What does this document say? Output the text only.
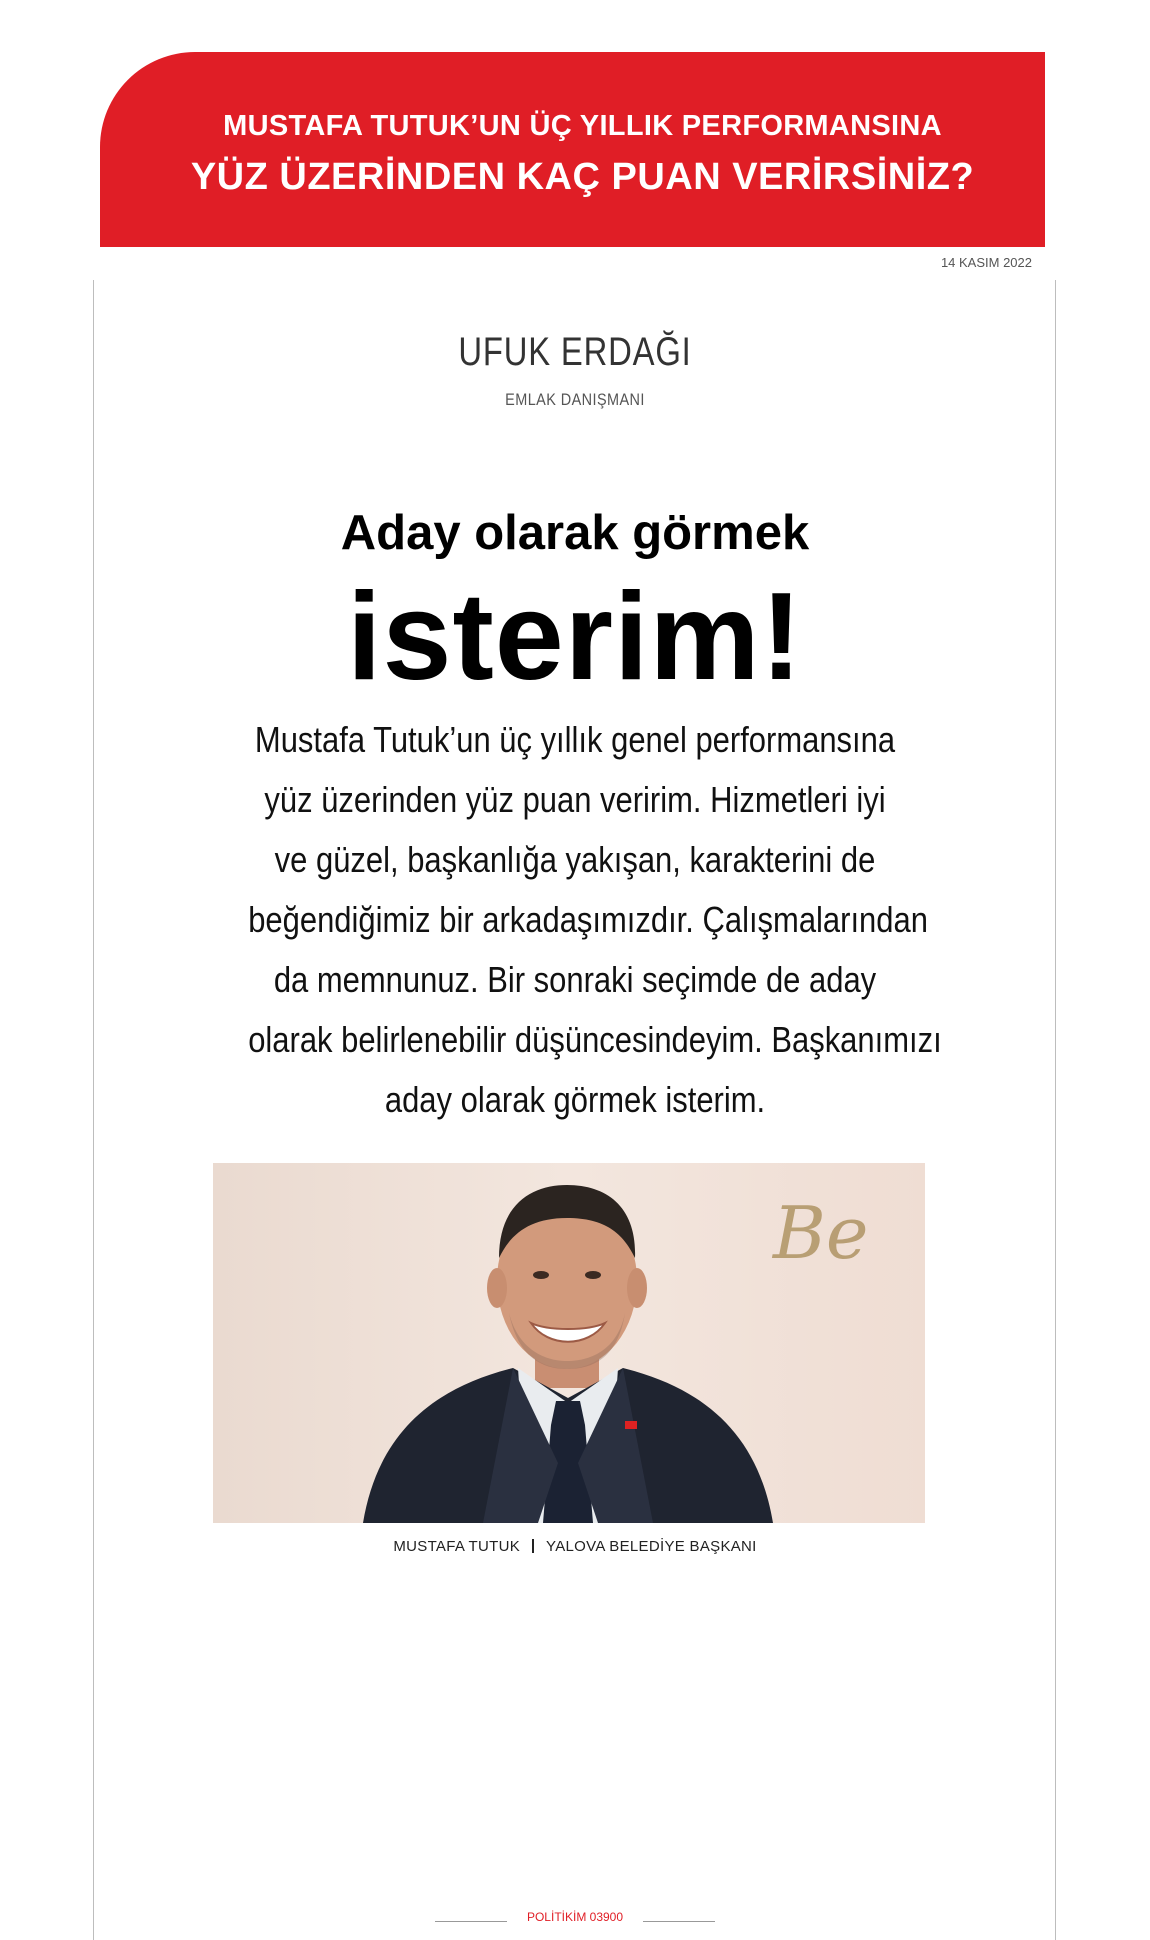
MUSTAFA TUTUK’UN ÜÇ YILLIK PERFORMANSINA
YÜZ ÜZERİNDEN KAÇ PUAN VERİRSİNİZ?
14 KASIM 2022
UFUK ERDAĞI
EMLAK DANIŞMANI
Aday olarak görmek
isterim!
Mustafa Tutuk’un üç yıllık genel performansına
yüz üzerinden yüz puan veririm. Hizmetleri iyi
ve güzel, başkanlığa yakışan, karakterini de
beğendiğimiz bir arkadaşımızdır. Çalışmalarından
da memnunuz. Bir sonraki seçimde de aday
olarak belirlenebilir düşüncesindeyim. Başkanımızı
aday olarak görmek isterim.
Be
MUSTAFA TUTUK YALOVA BELEDİYE BAŞKANI
POLİTİKİM 03900
